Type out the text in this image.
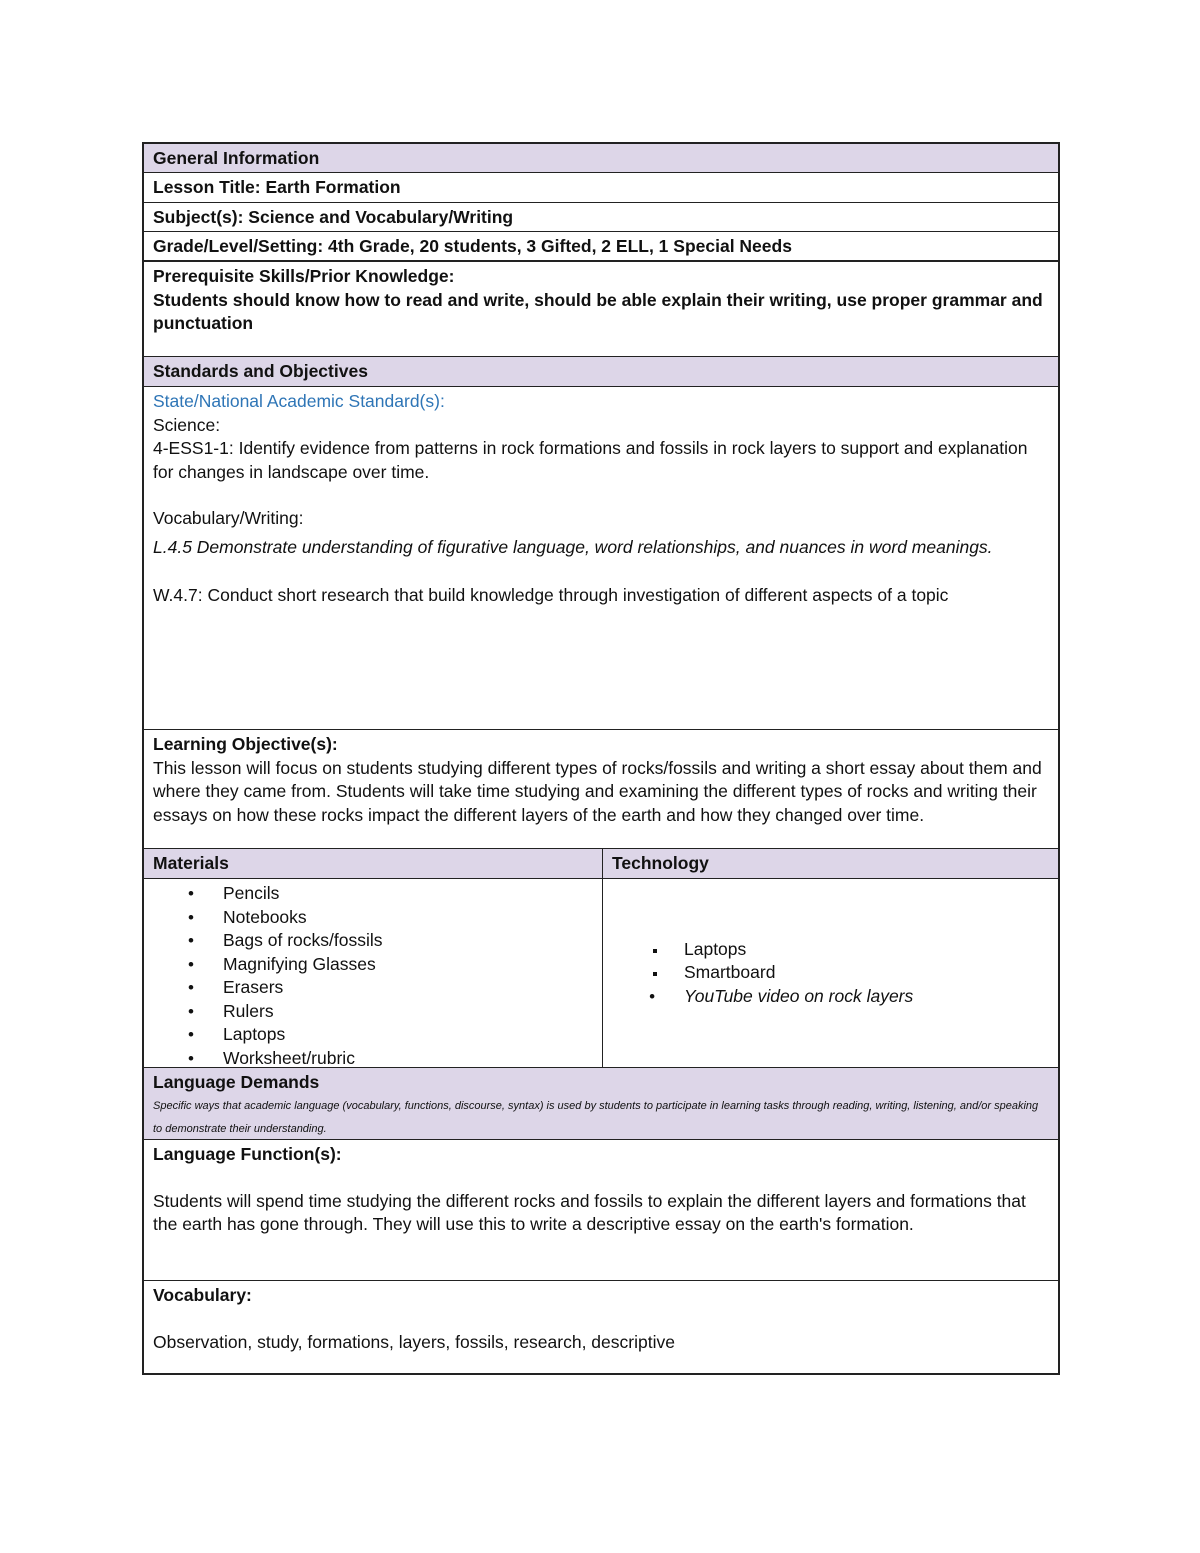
General Information
Lesson Title: Earth Formation
Subject(s): Science and Vocabulary/Writing
Grade/Level/Setting: 4th Grade, 20 students, 3 Gifted, 2 ELL, 1 Special Needs
Prerequisite Skills/Prior Knowledge:
Students should know how to read and write, should be able explain their writing, use proper grammar and punctuation
Standards and Objectives
State/National Academic Standard(s):
Science:
4-ESS1-1: Identify evidence from patterns in rock formations and fossils in rock layers to support and explanation for changes in landscape over time.
Vocabulary/Writing:
L.4.5 Demonstrate understanding of figurative language, word relationships, and nuances in word meanings.
W.4.7: Conduct short research that build knowledge through investigation of different aspects of a topic
Learning Objective(s):
This lesson will focus on students studying different types of rocks/fossils and writing a short essay about them and where they came from. Students will take time studying and examining the different types of rocks and writing their essays on how these rocks impact the different layers of the earth and how they changed over time.
Materials	Technology
• Pencils
• Notebooks
• Bags of rocks/fossils
• Magnifying Glasses
• Erasers
• Rulers
• Laptops
• Worksheet/rubric
Laptops
Smartboard
• YouTube video on rock layers
Language Demands
Specific ways that academic language (vocabulary, functions, discourse, syntax) is used by students to participate in learning tasks through reading, writing, listening, and/or speaking to demonstrate their understanding.
Language Function(s):
Students will spend time studying the different rocks and fossils to explain the different layers and formations that the earth has gone through. They will use this to write a descriptive essay on the earth's formation.
Vocabulary:
Observation, study, formations, layers, fossils, research, descriptive
